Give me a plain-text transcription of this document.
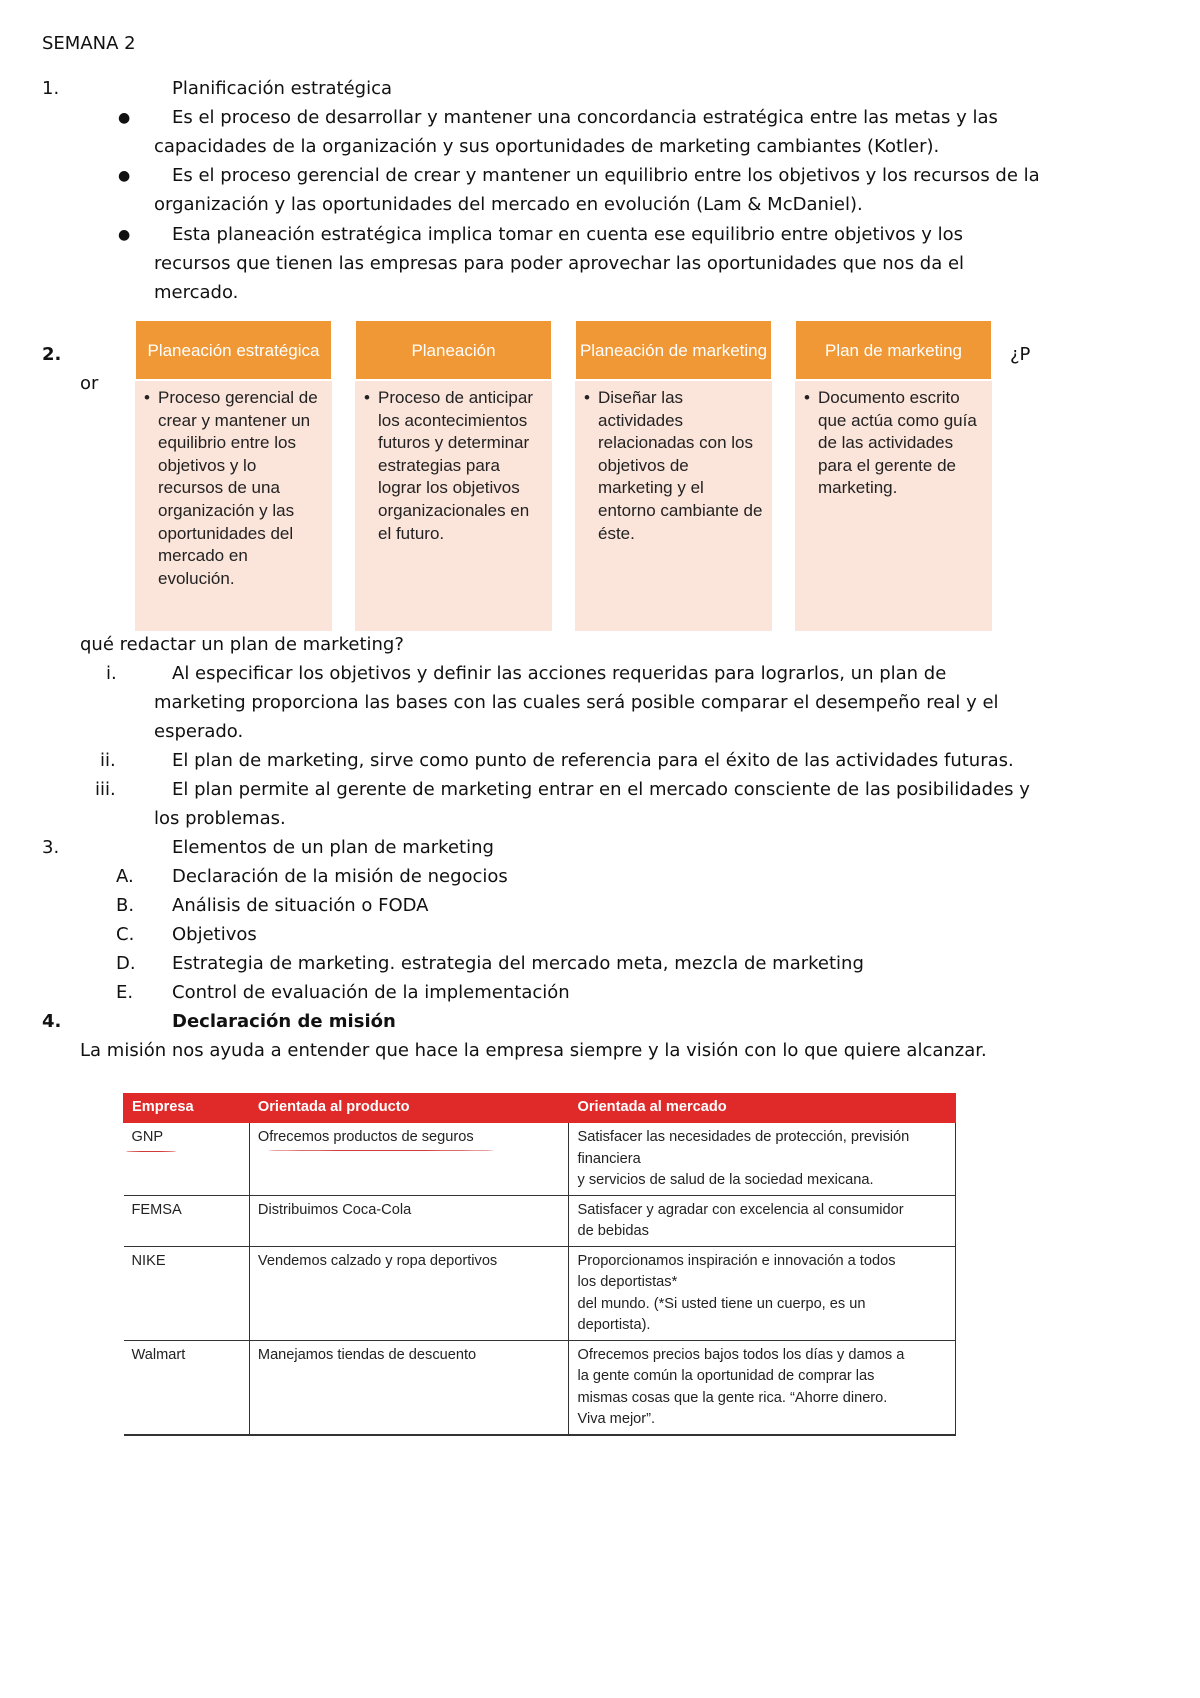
SEMANA 2
1.	Planificación estratégica
● Es el proceso de desarrollar y mantener una concordancia estratégica entre las metas y las
capacidades de la organización y sus oportunidades de marketing cambiantes (Kotler).
● Es el proceso gerencial de crear y mantener un equilibrio entre los objetivos y los recursos de la
organización y las oportunidades del mercado en evolución (Lam & McDaniel).
● Esta planeación estratégica implica tomar en cuenta ese equilibrio entre objetivos y los
recursos que tienen las empresas para poder aprovechar las oportunidades que nos da el
mercado.
2.	¿P
or
Planeación estratégica
• Proceso gerencial de crear y mantener un equilibrio entre los objetivos y lo recursos de una organización y las oportunidades del mercado en evolución.
Planeación
• Proceso de anticipar los acontecimientos futuros y determinar estrategias para lograr los objetivos organizacionales en el futuro.
Planeación de marketing
• Diseñar las actividades relacionadas con los objetivos de marketing y el entorno cambiante de éste.
Plan de marketing
• Documento escrito que actúa como guía de las actividades para el gerente de marketing.
qué redactar un plan de marketing?
i.	Al especificar los objetivos y definir las acciones requeridas para lograrlos, un plan de
marketing proporciona las bases con las cuales será posible comparar el desempeño real y el
esperado.
ii.	El plan de marketing, sirve como punto de referencia para el éxito de las actividades futuras.
iii.	El plan permite al gerente de marketing entrar en el mercado consciente de las posibilidades y
los problemas.
3.	Elementos de un plan de marketing
A. Declaración de la misión de negocios
B. Análisis de situación o FODA
C. Objetivos
D. Estrategia de marketing. estrategia del mercado meta, mezcla de marketing
E. Control de evaluación de la implementación
4.	Declaración de misión
La misión nos ayuda a entender que hace la empresa siempre y la visión con lo que quiere alcanzar.
Empresa	Orientada al producto	Orientada al mercado
GNP	Ofrecemos productos de seguros	Satisfacer las necesidades de protección, previsión
financiera
y servicios de salud de la sociedad mexicana.

FEMSA	Distribuimos Coca-Cola	Satisfacer y agradar con excelencia al consumidor
de bebidas

NIKE	Vendemos calzado y ropa deportivos	Proporcionamos inspiración e innovación a todos
los deportistas*
del mundo. (*Si usted tiene un cuerpo, es un
deportista).

Walmart	Manejamos tiendas de descuento	Ofrecemos precios bajos todos los días y damos a
la gente común la oportunidad de comprar las
mismas cosas que la gente rica. “Ahorre dinero.
Viva mejor”.
